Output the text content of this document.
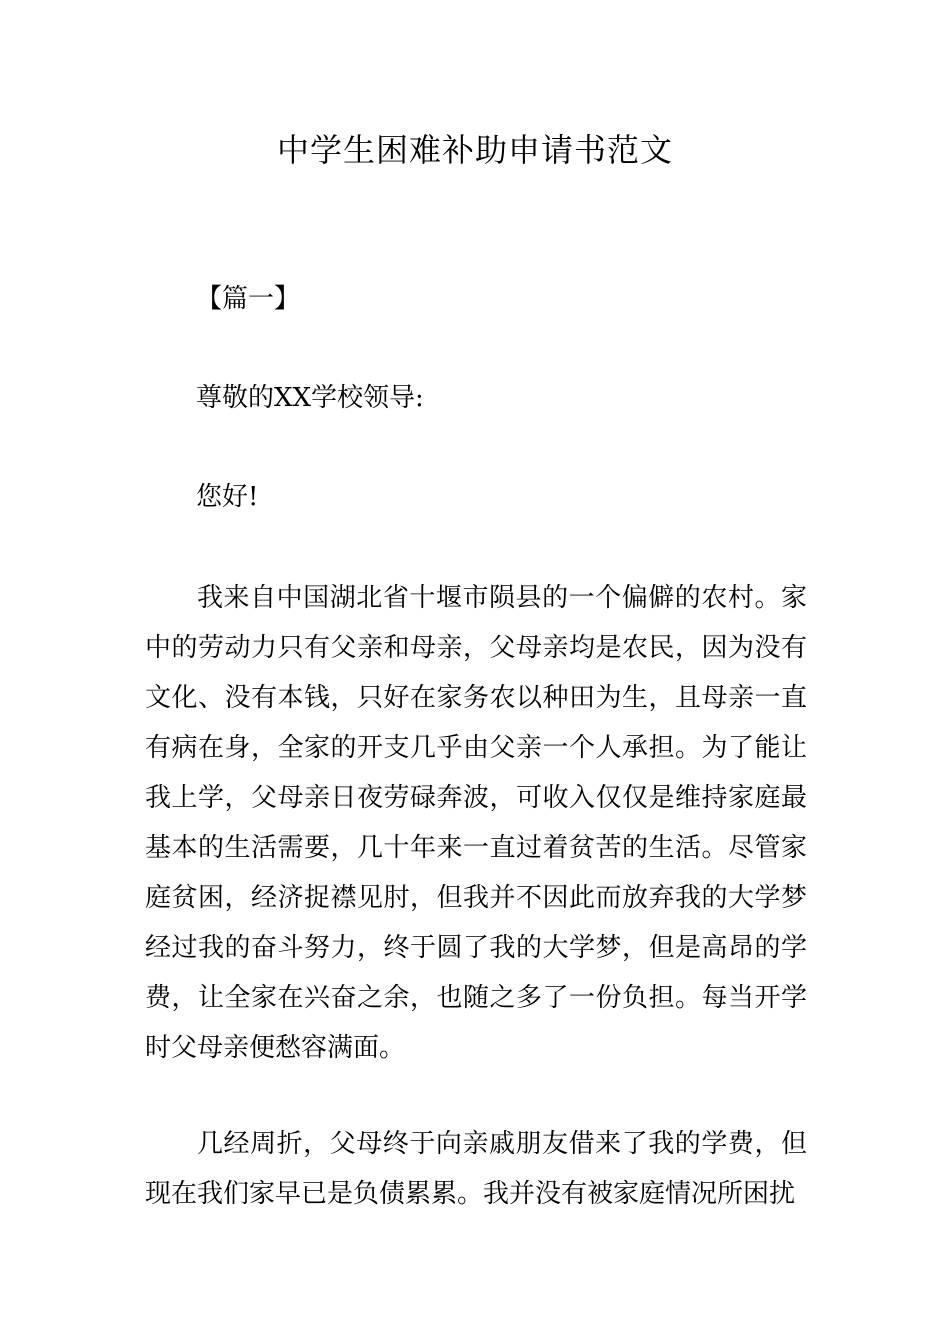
中学生困难补助申请书范文

【篇一】

尊敬的XX学校领导:

您好!

我来自中国湖北省十堰市陨县的一个偏僻的农村。家中的劳动力只有父亲和母亲，父母亲均是农民，因为没有文化、没有本钱，只好在家务农以种田为生，且母亲一直有病在身，全家的开支几乎由父亲一个人承担。为了能让我上学，父母亲日夜劳碌奔波，可收入仅仅是维持家庭最基本的生活需要，几十年来一直过着贫苦的生活。尽管家庭贫困，经济捉襟见肘，但我并不因此而放弃我的大学梦经过我的奋斗努力，终于圆了我的大学梦，但是高昂的学费，让全家在兴奋之余，也随之多了一份负担。每当开学时父母亲便愁容满面。

几经周折，父母终于向亲戚朋友借来了我的学费，但现在我们家早已是负债累累。我并没有被家庭情况所困扰
